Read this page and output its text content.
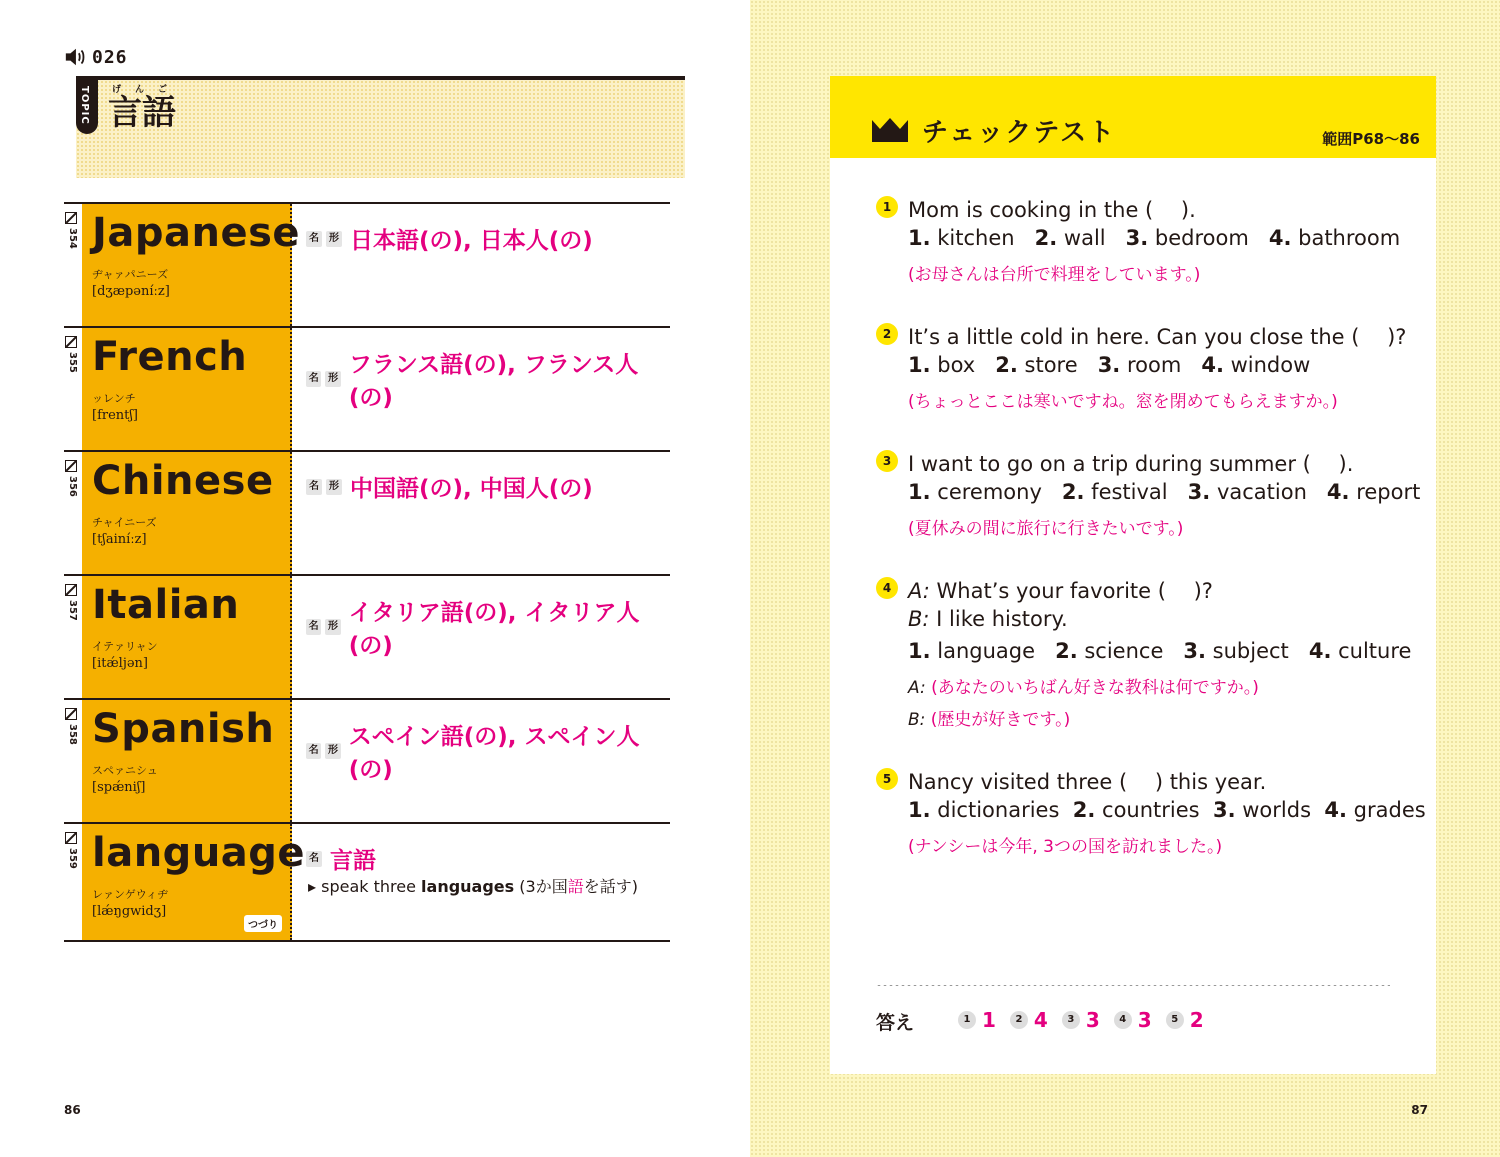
026
TOPIC げんご
言語
354 Japanese
ヂャァパニーズ
[dʒæpəníːz]
名	形 日本語(の), 日本人(の)
355 French
ッレンチ
[frentʃ]
名 形
フランス語(の), フランス人(の)
356 Chinese
チャイニーズ
[tʃainíːz]
名	形 中国語(の), 中国人(の)
357 Italian
イテァリャン
[itǽljən]
名 形
イタリア語(の), イタリア人(の)
358 Spanish
スペァニシュ
[spǽniʃ]
名 形
スペイン語(の), スペイン人(の)
359 language
レァンゲウィヂ
[lǽŋgwidʒ]
つづり
名 言語
▸ speak three languages (3か国語を話す)
86
チェックテスト	範囲P68〜86
1 Mom is cooking in the (　 ).
1. kitchen 2. wall 3. bedroom 4. bathroom
(お母さんは台所で料理をしています。)
2 It’s a little cold in here. Can you close the (　 )?
1. box 2. store 3. room 4. window
(ちょっとここは寒いですね。窓を閉めてもらえますか。)
3 I want to go on a trip during summer (　 ).
1. ceremony 2. festival 3. vacation 4. report
(夏休みの間に旅行に行きたいです。)
4 A: What’s your favorite (　 )?
B: I like history.
1. language 2. science 3. subject 4. culture
A: (あなたのいちばん好きな教科は何ですか。)
B: (歴史が好きです。)
5 Nancy visited three (　 ) this year.
1. dictionaries 2. countries 3. worlds 4. grades
(ナンシーは今年, 3つの国を訪れました。)
答え	1 1	2 4	3 3	4 3	5 2
87
